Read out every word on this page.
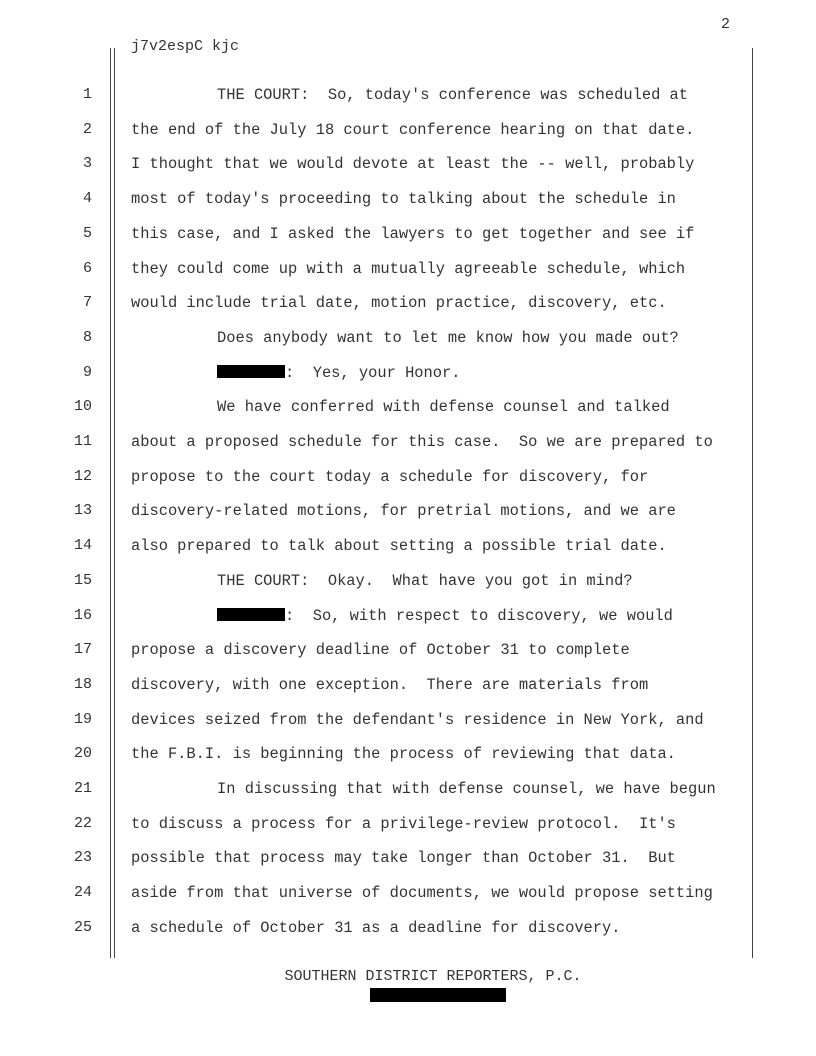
2
j7v2espC kjc
1	THE COURT:  So, today's conference was scheduled at
2	the end of the July 18 court conference hearing on that date.
3	I thought that we would devote at least the -- well, probably
4	most of today's proceeding to talking about the schedule in
5	this case, and I asked the lawyers to get together and see if
6	they could come up with a mutually agreeable schedule, which
7	would include trial date, motion practice, discovery, etc.
8	Does anybody want to let me know how you made out?
9	:  Yes, your Honor.
10	We have conferred with defense counsel and talked
11	about a proposed schedule for this case.  So we are prepared to
12	propose to the court today a schedule for discovery, for
13	discovery-related motions, for pretrial motions, and we are
14	also prepared to talk about setting a possible trial date.
15	THE COURT:  Okay.  What have you got in mind?
16	:  So, with respect to discovery, we would
17	propose a discovery deadline of October 31 to complete
18	discovery, with one exception.  There are materials from
19	devices seized from the defendant's residence in New York, and
20	the F.B.I. is beginning the process of reviewing that data.
21	In discussing that with defense counsel, we have begun
22	to discuss a process for a privilege-review protocol.  It's
23	possible that process may take longer than October 31.  But
24	aside from that universe of documents, we would propose setting
25	a schedule of October 31 as a deadline for discovery.
SOUTHERN DISTRICT REPORTERS, P.C.
